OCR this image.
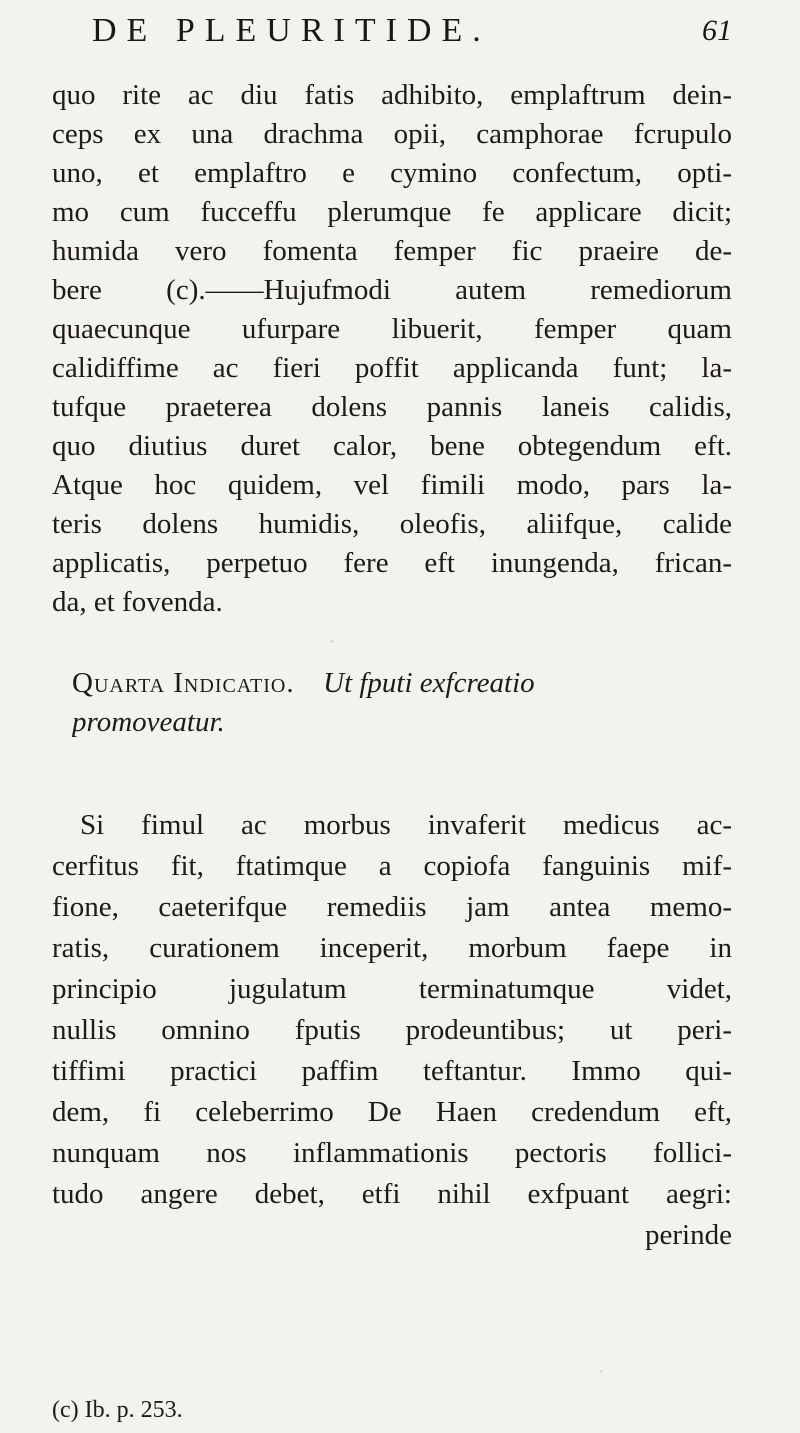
DE PLEURITIDE.	61
quo rite ac diu fatis adhibito, emplaftrum dein-
ceps ex una drachma opii, camphorae fcrupulo
uno, et emplaftro e cymino confectum, opti-
mo cum fucceffu plerumque fe applicare dicit;
humida vero fomenta femper fic praeire de-
bere (c).——Hujufmodi autem remediorum
quaecunque ufurpare libuerit, femper quam
calidiffime ac fieri poffit applicanda funt; la-
tufque praeterea dolens pannis laneis calidis,
quo diutius duret calor, bene obtegendum eft.
Atque hoc quidem, vel fimili modo, pars la-
teris dolens humidis, oleofis, aliifque, calide
applicatis, perpetuo fere eft inungenda, frican-
da, et fovenda.
Quarta Indicatio. Ut fputi exfcreatio
promoveatur.
Si fimul ac morbus invaferit medicus ac-
cerfitus fit, ftatimque a copiofa fanguinis mif-
fione, caeterifque remediis jam antea memo-
ratis, curationem inceperit, morbum faepe in
principio jugulatum terminatumque videt,
nullis omnino fputis prodeuntibus; ut peri-
tiffimi practici paffim teftantur. Immo qui-
dem, fi celeberrimo De Haen credendum eft,
nunquam nos inflammationis pectoris follici-
tudo angere debet, etfi nihil exfpuant aegri:
perinde
(c) Ib. p. 253.
